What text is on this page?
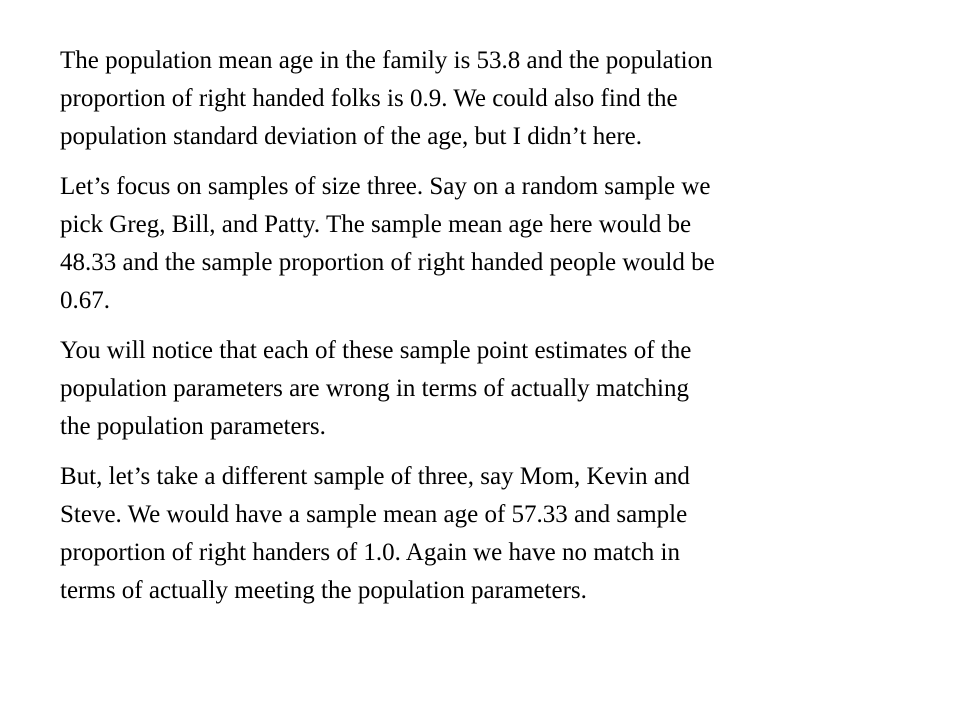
The population mean age in the family is 53.8 and the population
proportion of right handed folks is 0.9. We could also find the
population standard deviation of the age, but I didn’t here.

Let’s focus on samples of size three. Say on a random sample we
pick Greg, Bill, and Patty. The sample mean age here would be
48.33 and the sample proportion of right handed people would be
0.67.

You will notice that each of these sample point estimates of the
population parameters are wrong in terms of actually matching
the population parameters.

But, let’s take a different sample of three, say Mom, Kevin and
Steve. We would have a sample mean age of 57.33 and sample
proportion of right handers of 1.0. Again we have no match in
terms of actually meeting the population parameters.
